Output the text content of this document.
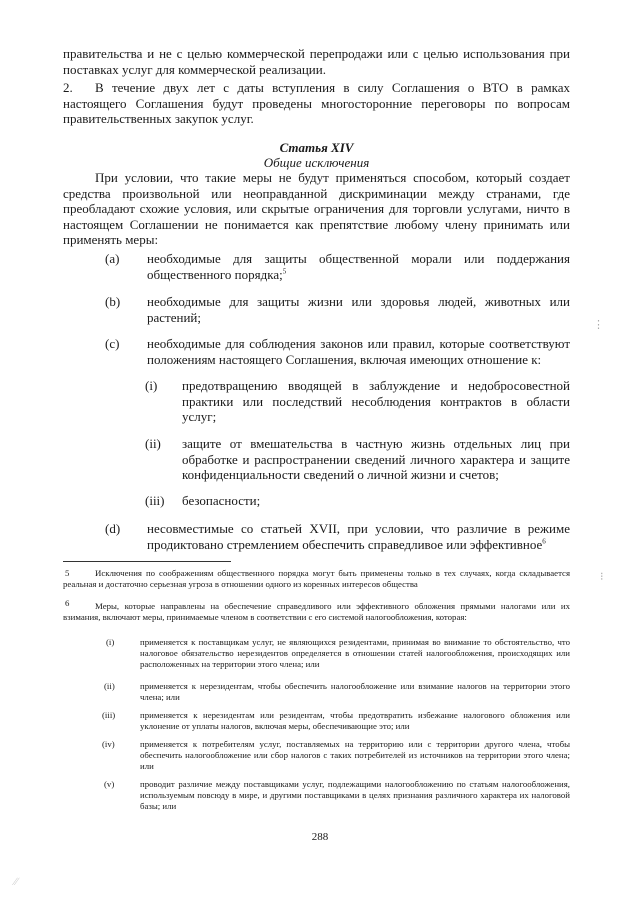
правительства и не с целью коммерческой перепродажи или с целью использования при поставках услуг для коммерческой реализации.
2.	В течение двух лет с даты вступления в силу Соглашения о ВТО в рамках настоящего Соглашения будут проведены многосторонние переговоры по вопросам правительственных закупок услуг.
Статья XIV
Общие исключения
При условии, что такие меры не будут применяться способом, который создает средства произвольной или неоправданной дискриминации между странами, где преобладают схожие условия, или скрытые ограничения для торговли услугами, ничто в настоящем Соглашении не понимается как препятствие любому члену принимать или применять меры:
(a) необходимые для защиты общественной морали или поддержания общественного порядка;$^5$
(b) необходимые для защиты жизни или здоровья людей, животных или растений;
(c) необходимые для соблюдения законов или правил, которые соответствуют положениям настоящего Соглашения, включая имеющих отношение к:
(i) предотвращению вводящей в заблуждение и недобросовестной практики или последствий несоблюдения контрактов в области услуг;
(ii) защите от вмешательства в частную жизнь отдельных лиц при обработке и распространении сведений личного характера и защите конфиденциальности сведений о личной жизни и счетов;
(iii) безопасности;
(d) несовместимые со статьей XVII, при условии, что различие в режиме продиктовано стремлением обеспечить справедливое или эффективное$^6$
5	Исключения по соображениям общественного порядка могут быть применены только в тех случаях, когда складывается реальная и достаточно серьезная угроза в отношении одного из коренных интересов общества
6	Меры, которые направлены на обеспечение справедливого или эффективного обложения прямыми налогами или их взимания, включают меры, принимаемые членом в соответствии с его системой налогообложения, которая:
(i)	применяется к поставщикам услуг, не являющихся резидентами, принимая во внимание то обстоятельство, что налоговое обязательство нерезидентов определяется в отношении статей налогообложения, происходящих или расположенных на территории этого члена; или
(ii)	применяется к нерезидентам, чтобы обеспечить налогообложение или взимание налогов на территории этого члена; или
(iii)	применяется к нерезидентам или резидентам, чтобы предотвратить избежание налогового обложения или уклонение от уплаты налогов, включая меры, обеспечивающие это; или
(iv)	применяется к потребителям услуг, поставляемых на территорию или с территории другого члена, чтобы обеспечить налогообложение или сбор налогов с таких потребителей из источников на территории этого члена; или
(v)	проводит различие между поставщиками услуг, подлежащими налогообложению по статьям налогообложения, используемым повсюду в мире, и другими поставщиками в целях признания различного характера их налоговой базы; или
288
⋮
⁝
∕∕
